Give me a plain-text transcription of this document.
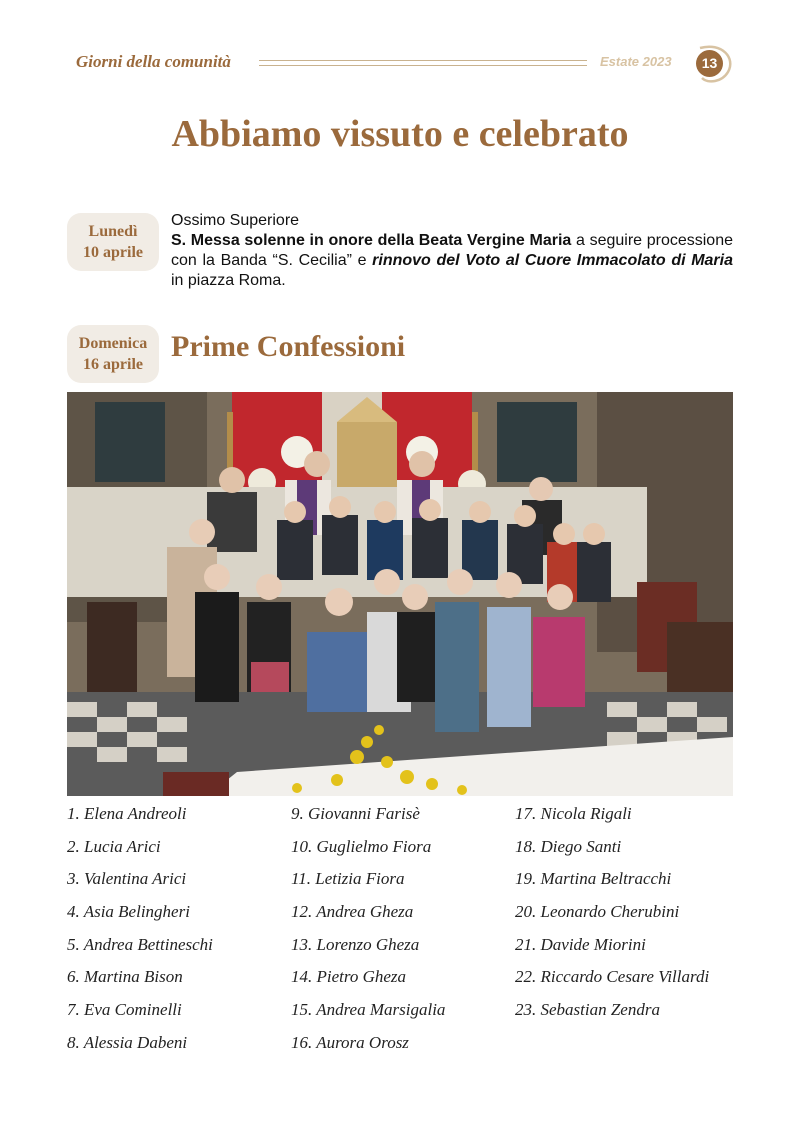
Giorni della comunità	Estate 2023	13
Abbiamo vissuto e celebrato
Lunedì
10 aprile
Ossimo Superiore
S. Messa solenne in onore della Beata Vergine Maria a seguire processione con la Banda “S. Cecilia” e rinnovo del Voto al Cuore Immacolato di Maria in piazza Roma.
Domenica
16 aprile
Prime Confessioni
1. Elena Andreoli
2. Lucia Arici
3. Valentina Arici
4. Asia Belingheri
5. Andrea Bettineschi
6. Martina Bison
7. Eva Cominelli
8. Alessia Dabeni
9. Giovanni Farisè
10. Guglielmo Fiora
11. Letizia Fiora
12. Andrea Gheza
13. Lorenzo Gheza
14. Pietro Gheza
15. Andrea Marsigalia
16. Aurora Orosz
17. Nicola Rigali
18. Diego Santi
19. Martina Beltracchi
20. Leonardo Cherubini
21. Davide Miorini
22. Riccardo Cesare Villardi
23. Sebastian Zendra
